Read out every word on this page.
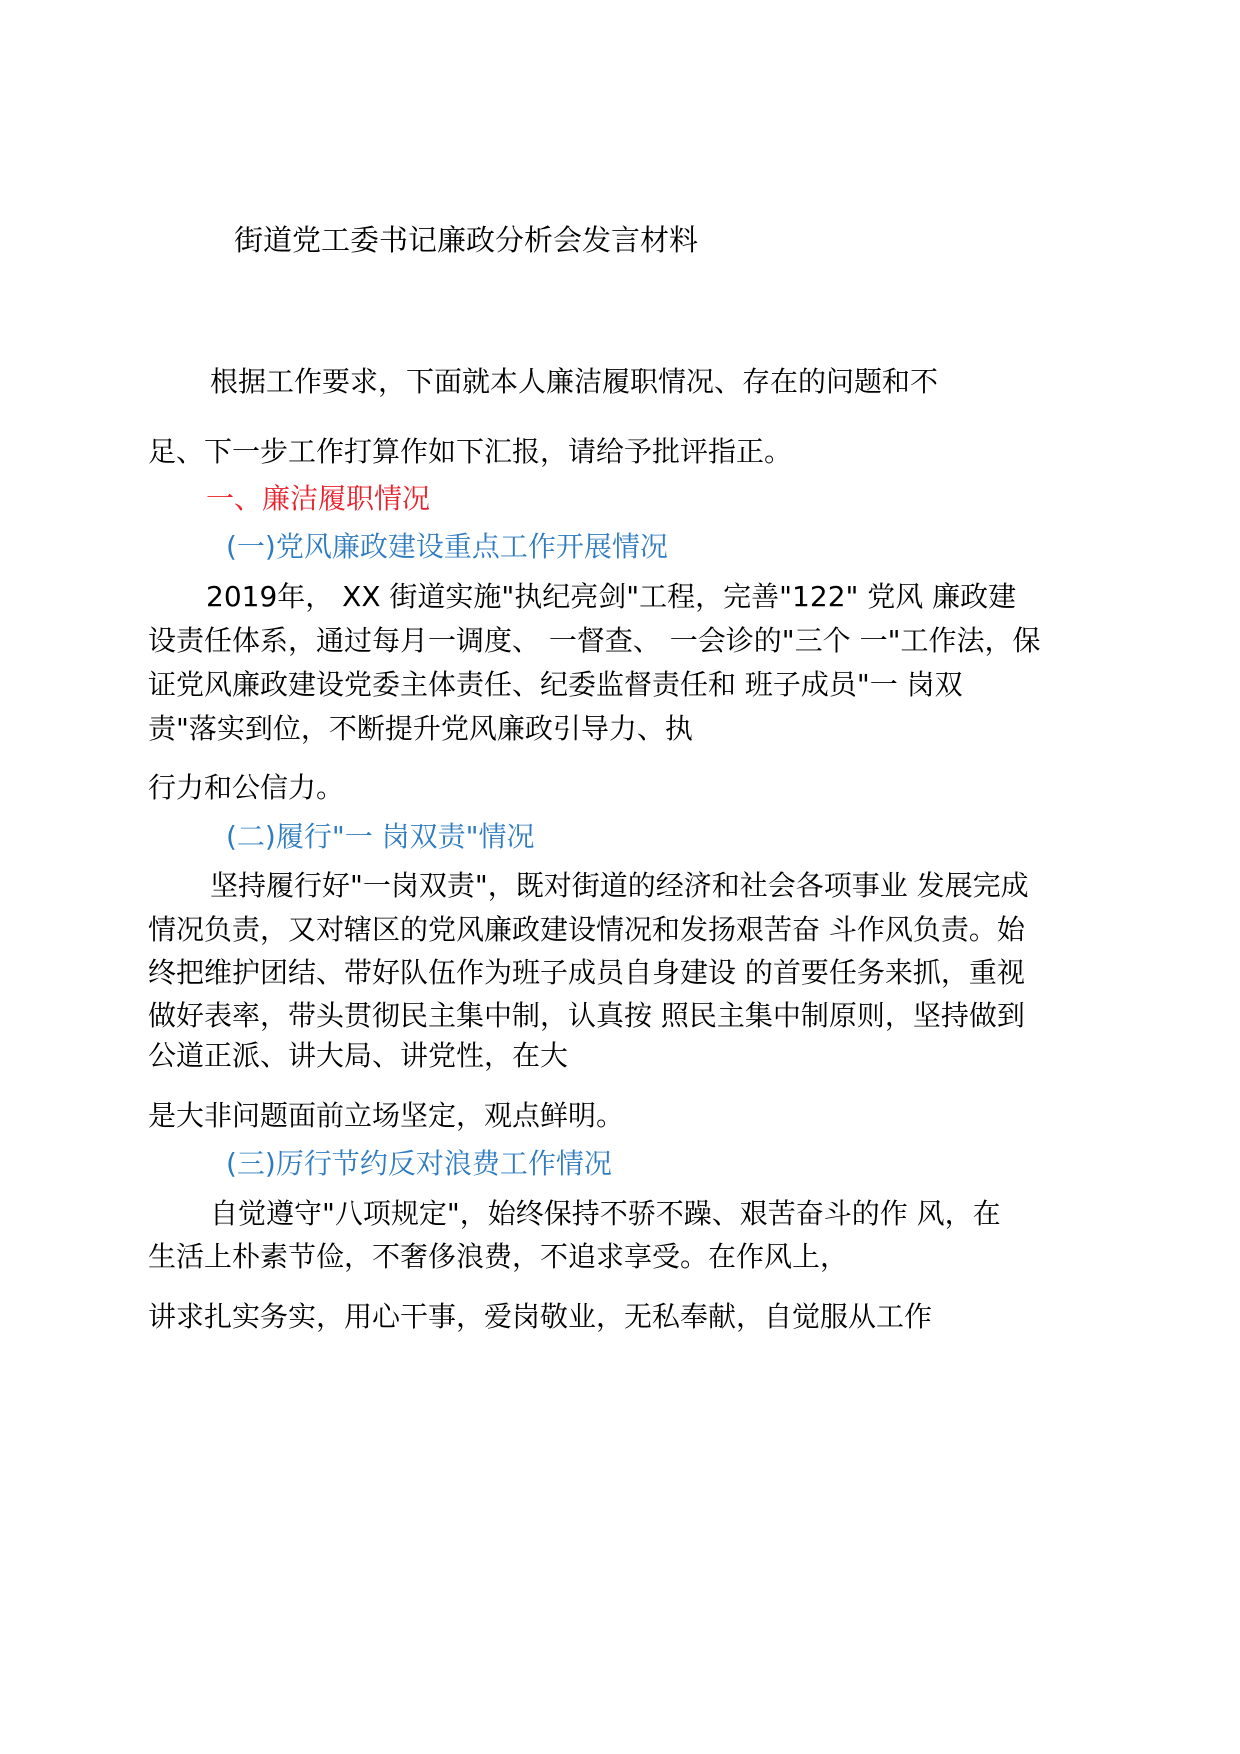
街道党工委书记廉政分析会发言材料

根据工作要求，下面就本人廉洁履职情况、存在的问题和不

足、下一步工作打算作如下汇报，请给予批评指正。

一、廉洁履职情况

(一)党风廉政建设重点工作开展情况

2019年， XX 街道实施"执纪亮剑"工程，完善"122" 党风 廉政建

设责任体系，通过每月一调度、 一督查、 一会诊的"三个 一"工作法，保

证党风廉政建设党委主体责任、纪委监督责任和 班子成员"一 岗双

责"落实到位，不断提升党风廉政引导力、执

行力和公信力。

(二)履行"一 岗双责"情况

坚持履行好"一岗双责"，既对街道的经济和社会各项事业 发展完成

情况负责，又对辖区的党风廉政建设情况和发扬艰苦奋 斗作风负责。始

终把维护团结、带好队伍作为班子成员自身建设 的首要任务来抓，重视

做好表率，带头贯彻民主集中制，认真按 照民主集中制原则，坚持做到

公道正派、讲大局、讲党性，在大

是大非问题面前立场坚定，观点鲜明。

(三)厉行节约反对浪费工作情况

自觉遵守"八项规定"，始终保持不骄不躁、艰苦奋斗的作 风，在

生活上朴素节俭，不奢侈浪费，不追求享受。在作风上，

讲求扎实务实，用心干事，爱岗敬业，无私奉献，自觉服从工作
